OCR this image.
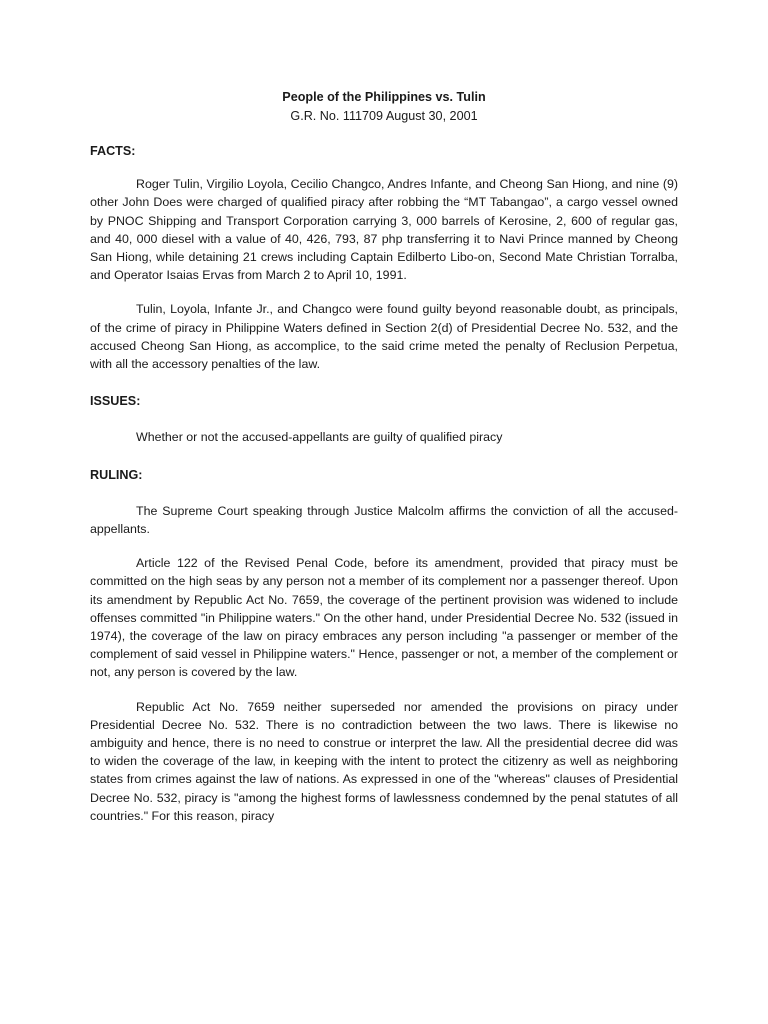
People of the Philippines vs. Tulin

G.R. No. 111709 August 30, 2001

FACTS:

Roger Tulin, Virgilio Loyola, Cecilio Changco, Andres Infante, and Cheong San Hiong, and nine (9) other John Does were charged of qualified piracy after robbing the “MT Tabangao”, a cargo vessel owned by PNOC Shipping and Transport Corporation carrying 3, 000 barrels of Kerosine, 2, 600 of regular gas, and 40, 000 diesel with a value of 40, 426, 793, 87 php transferring it to Navi Prince manned by Cheong San Hiong, while detaining 21 crews including Captain Edilberto Libo-on, Second Mate Christian Torralba, and Operator Isaias Ervas from March 2 to April 10, 1991.

Tulin, Loyola, Infante Jr., and Changco were found guilty beyond reasonable doubt, as principals, of the crime of piracy in Philippine Waters defined in Section 2(d) of Presidential Decree No. 532, and the accused Cheong San Hiong, as accomplice, to the said crime meted the penalty of Reclusion Perpetua, with all the accessory penalties of the law.

ISSUES:

Whether or not the accused-appellants are guilty of qualified piracy

RULING:

The Supreme Court speaking through Justice Malcolm affirms the conviction of all the accused-appellants.

Article 122 of the Revised Penal Code, before its amendment, provided that piracy must be committed on the high seas by any person not a member of its complement nor a passenger thereof. Upon its amendment by Republic Act No. 7659, the coverage of the pertinent provision was widened to include offenses committed "in Philippine waters." On the other hand, under Presidential Decree No. 532 (issued in 1974), the coverage of the law on piracy embraces any person including "a passenger or member of the complement of said vessel in Philippine waters." Hence, passenger or not, a member of the complement or not, any person is covered by the law.

Republic Act No. 7659 neither superseded nor amended the provisions on piracy under Presidential Decree No. 532. There is no contradiction between the two laws. There is likewise no ambiguity and hence, there is no need to construe or interpret the law. All the presidential decree did was to widen the coverage of the law, in keeping with the intent to protect the citizenry as well as neighboring states from crimes against the law of nations. As expressed in one of the "whereas" clauses of Presidential Decree No. 532, piracy is "among the highest forms of lawlessness condemned by the penal statutes of all countries." For this reason, piracy
